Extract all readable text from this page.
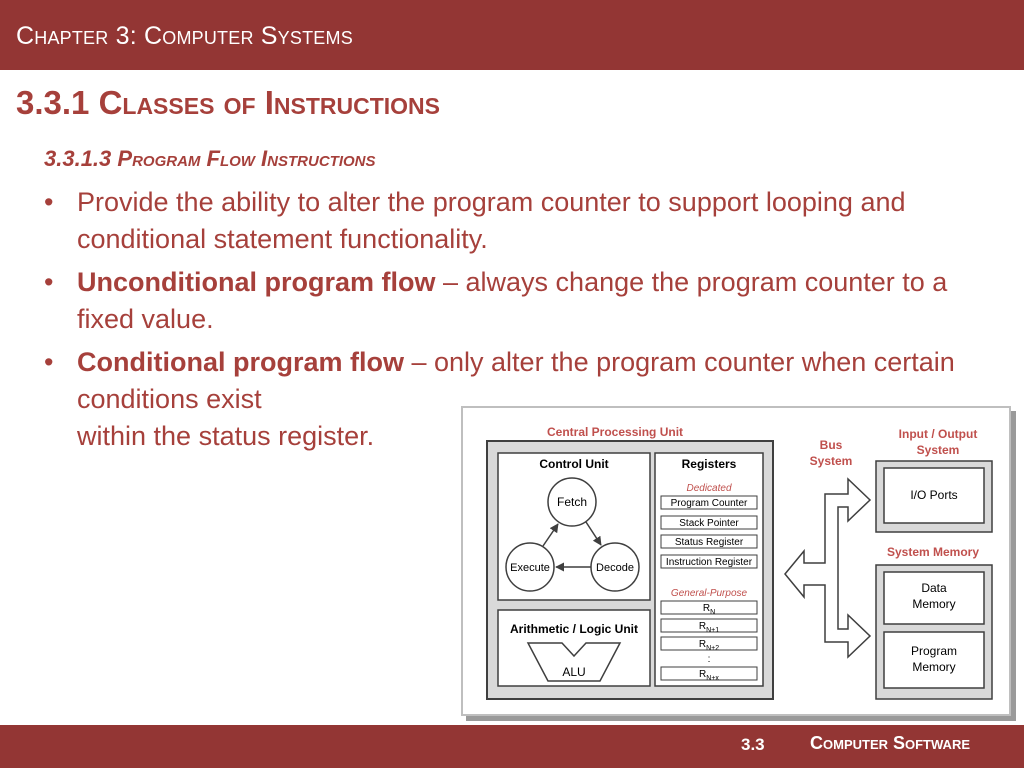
Chapter 3: Computer Systems
3.3.1 Classes of Instructions
3.3.1.3 Program Flow Instructions
• Provide the ability to alter the program counter to support looping and conditional statement functionality.
• Unconditional program flow – always change the program counter to a fixed value.
• Conditional program flow – only alter the program counter when certain conditions exist
within the status register.	Central Processing Unit
Control Unit
Fetch
Execute	Decode
Arithmetic / Logic Unit
ALU
Registers
Dedicated
Program Counter
Stack Pointer
Status Register
Instruction Register
General-Purpose
$R_N$
$R_{N+1}$
$R_{N+2}$
:
$R_{N+x}$
Bus
System
Input / Output
System
I/O Ports
System Memory
Data
Memory
Program
Memory
3.3	Computer Software
